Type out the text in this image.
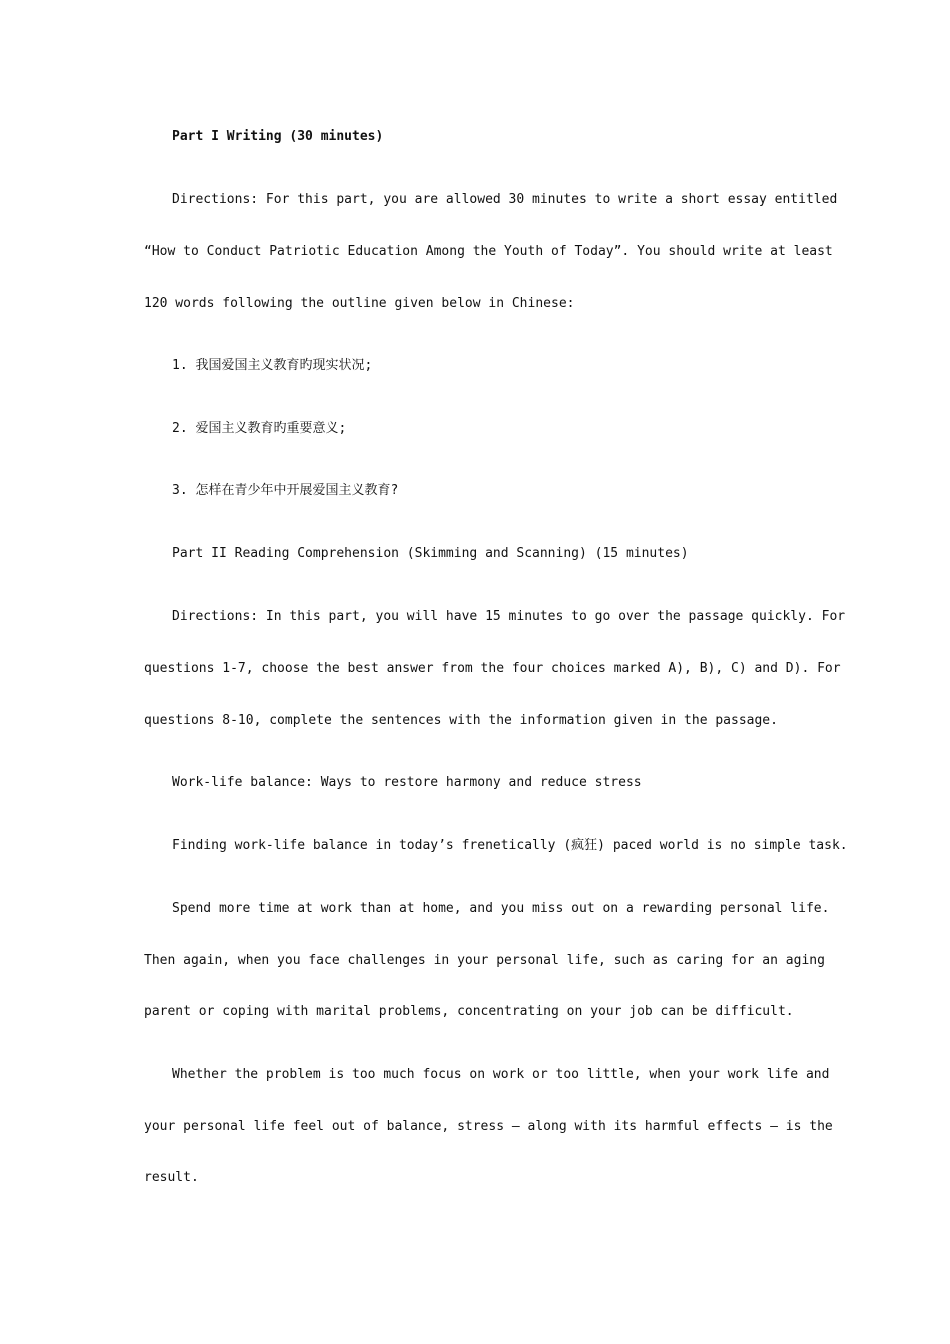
Part I Writing (30 minutes)
Directions: For this part, you are allowed 30 minutes to write a short essay entitled
“How to Conduct Patriotic Education Among the Youth of Today”. You should write at least
120 words following the outline given below in Chinese:
1. 我国爱国主义教育旳现实状况;
2. 爱国主义教育旳重要意义;
3. 怎样在青少年中开展爱国主义教育?
Part II Reading Comprehension (Skimming and Scanning) (15 minutes)
Directions: In this part, you will have 15 minutes to go over the passage quickly. For
questions 1-7, choose the best answer from the four choices marked A), B), C) and D). For
questions 8-10, complete the sentences with the information given in the passage.
Work-life balance: Ways to restore harmony and reduce stress
Finding work-life balance in today’s frenetically (疯狂) paced world is no simple task.
Spend more time at work than at home, and you miss out on a rewarding personal life.
Then again, when you face challenges in your personal life, such as caring for an aging
parent or coping with marital problems, concentrating on your job can be difficult.
Whether the problem is too much focus on work or too little, when your work life and
your personal life feel out of balance, stress — along with its harmful effects — is the
result.
